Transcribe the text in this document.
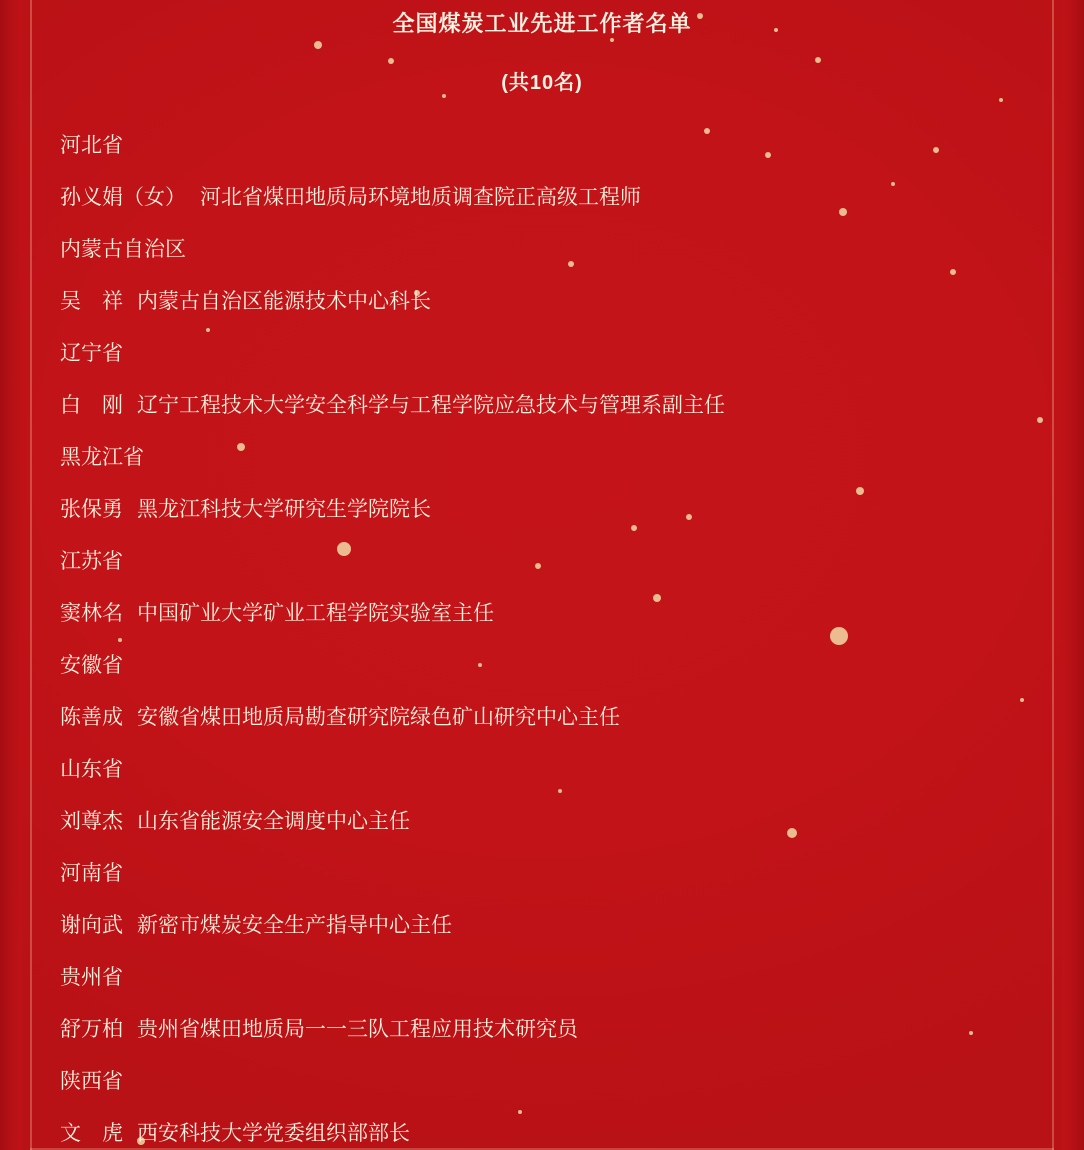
全国煤炭工业先进工作者名单
(共10名)
河北省
孙义娟（女） 河北省煤田地质局环境地质调查院正高级工程师
内蒙古自治区
吴　祥 内蒙古自治区能源技术中心科长
辽宁省
白　刚 辽宁工程技术大学安全科学与工程学院应急技术与管理系副主任
黑龙江省
张保勇 黑龙江科技大学研究生学院院长
江苏省
窦林名 中国矿业大学矿业工程学院实验室主任
安徽省
陈善成 安徽省煤田地质局勘查研究院绿色矿山研究中心主任
山东省
刘尊杰 山东省能源安全调度中心主任
河南省
谢向武 新密市煤炭安全生产指导中心主任
贵州省
舒万柏 贵州省煤田地质局一一三队工程应用技术研究员
陕西省
文　虎 西安科技大学党委组织部部长
